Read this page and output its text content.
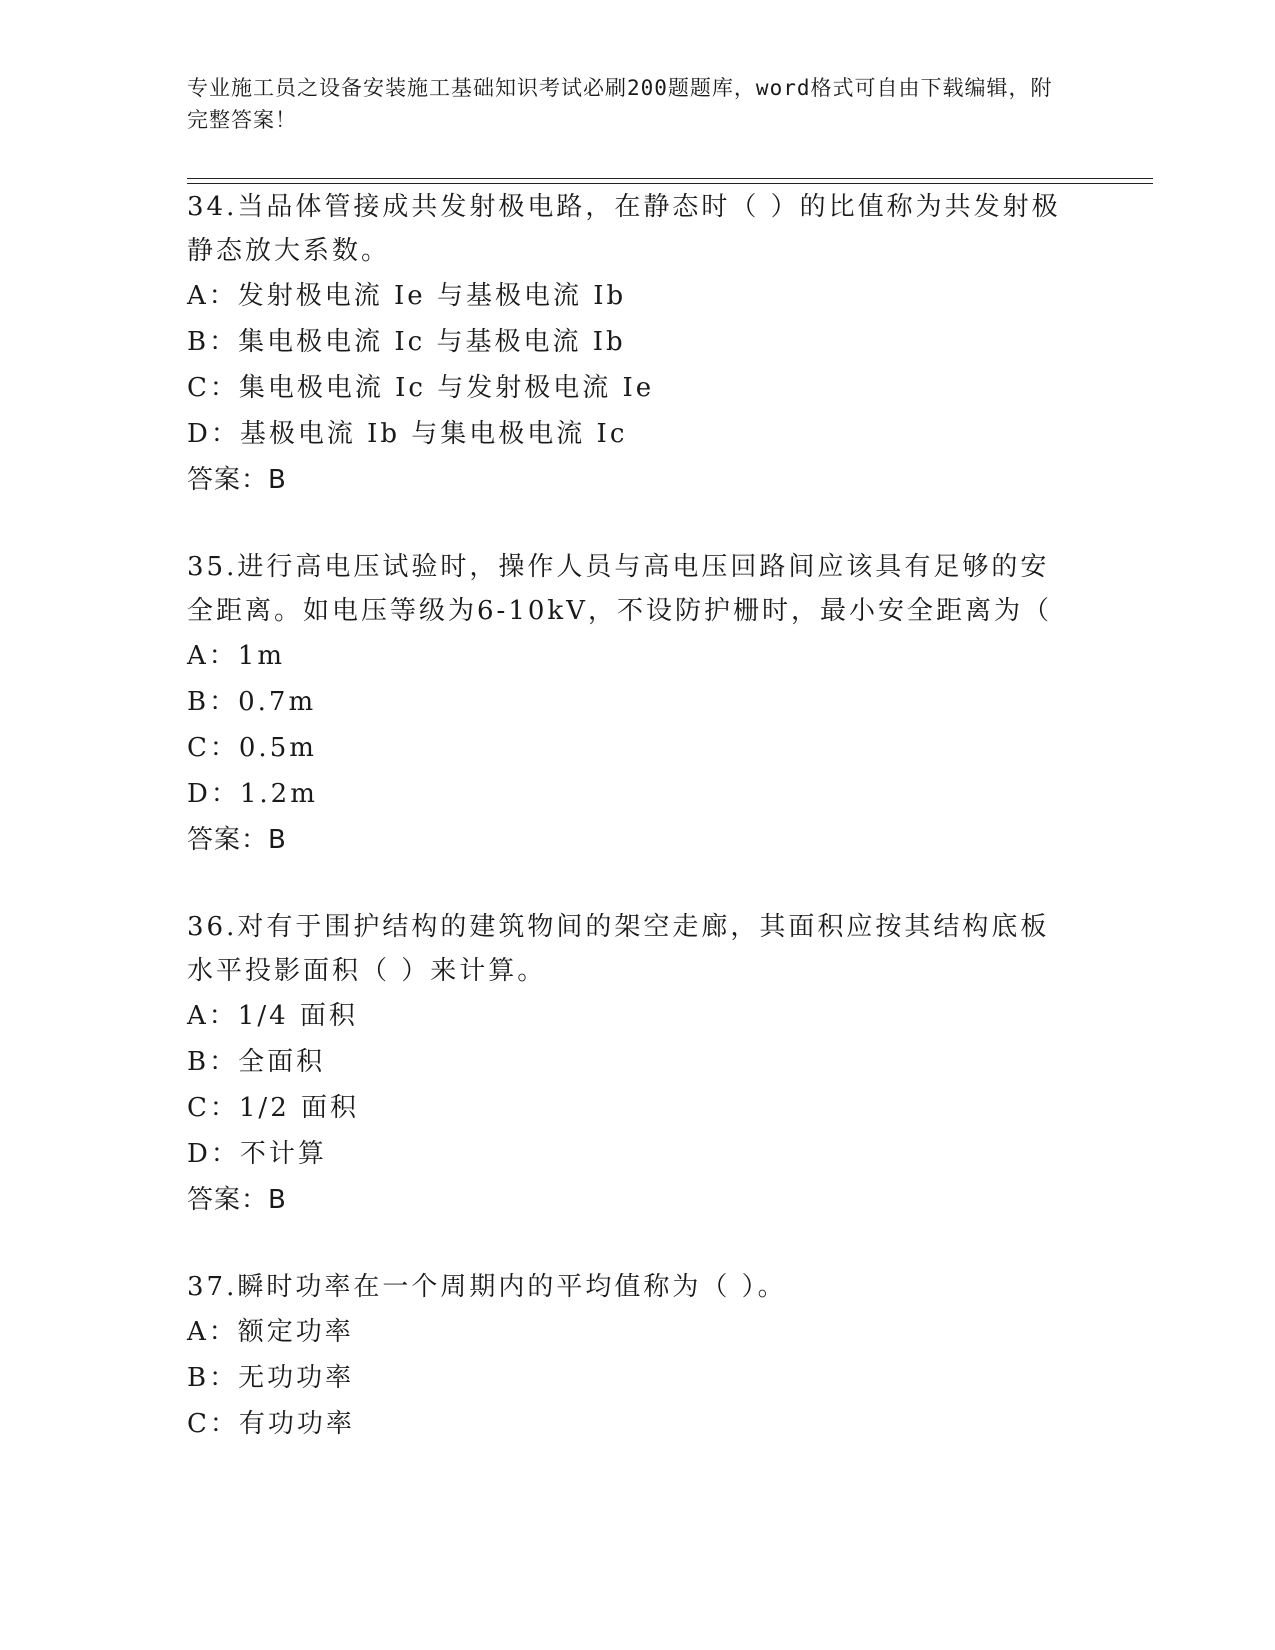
专业施工员之设备安装施工基础知识考试必刷200题题库，word格式可自由下载编辑，附完整答案！

34.当品体管接成共发射极电路，在静态时（ ）的比值称为共发射极静态放大系数。

A：发射极电流 Ie 与基极电流 Ib

B：集电极电流 Ic 与基极电流 Ib

C：集电极电流 Ic 与发射极电流 Ie

D：基极电流 Ib 与集电极电流 Ic

答案：B

35.进行高电压试验时，操作人员与高电压回路间应该具有足够的安全距离。如电压等级为6-10kV，不设防护栅时，最小安全距离为（

A：1m

B：0.7m

C：0.5m

D：1.2m

答案：B

36.对有于围护结构的建筑物间的架空走廊，其面积应按其结构底板水平投影面积（ ）来计算。

A：1/4 面积

B：全面积

C：1/2 面积

D：不计算

答案：B

37.瞬时功率在一个周期内的平均值称为（ ）。

A：额定功率

B：无功功率

C：有功功率
